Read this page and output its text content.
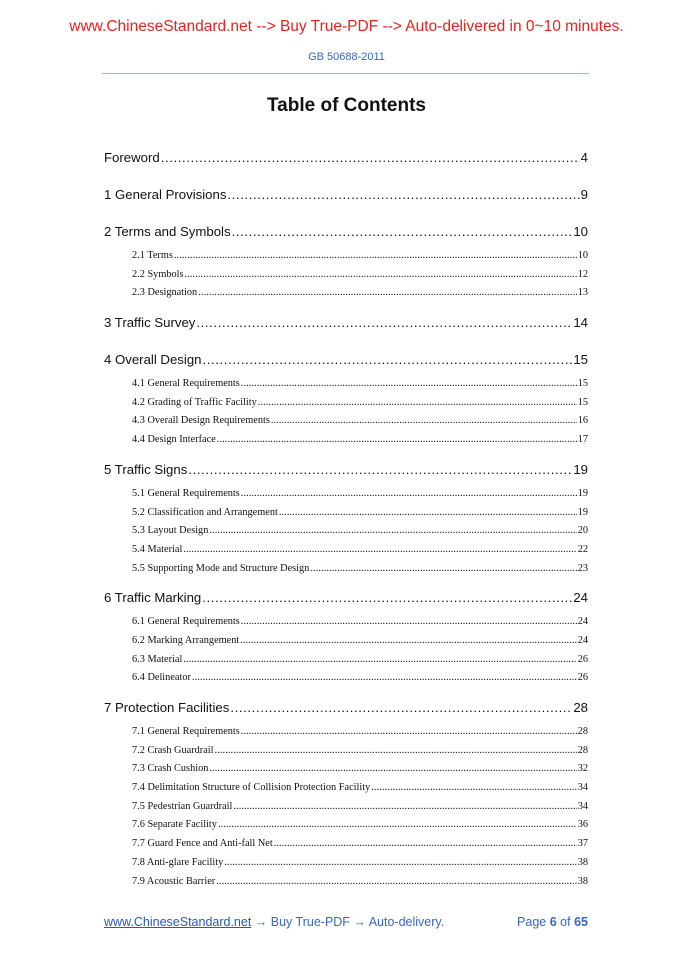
www.ChineseStandard.net --> Buy True-PDF --> Auto-delivered in 0~10 minutes.
GB 50688-2011
Table of Contents
Foreword .....	4
1 General Provisions .....	9
2 Terms and Symbols .....	10
2.1 Terms .....	10
2.2 Symbols .....	12
2.3 Designation .....	13
3 Traffic Survey .....	14
4 Overall Design .....	15
4.1 General Requirements .....	15
4.2 Grading of Traffic Facility .....	15
4.3 Overall Design Requirements .....	16
4.4 Design Interface .....	17
5 Traffic Signs .....	19
5.1 General Requirements .....	19
5.2 Classification and Arrangement .....	19
5.3 Layout Design .....	20
5.4 Material .....	22
5.5 Supporting Mode and Structure Design .....	23
6 Traffic Marking .....	24
6.1 General Requirements .....	24
6.2 Marking Arrangement .....	24
6.3 Material .....	26
6.4 Delineator .....	26
7 Protection Facilities .....	28
7.1 General Requirements .....	28
7.2 Crash Guardrail .....	28
7.3 Crash Cushion .....	32
7.4 Delimitation Structure of Collision Protection Facility .....	34
7.5 Pedestrian Guardrail .....	34
7.6 Separate Facility .....	36
7.7 Guard Fence and Anti-fall Net .....	37
7.8 Anti-glare Facility .....	38
7.9 Acoustic Barrier .....	38
www.ChineseStandard.net → Buy True-PDF → Auto-delivery.	Page 6 of 65
